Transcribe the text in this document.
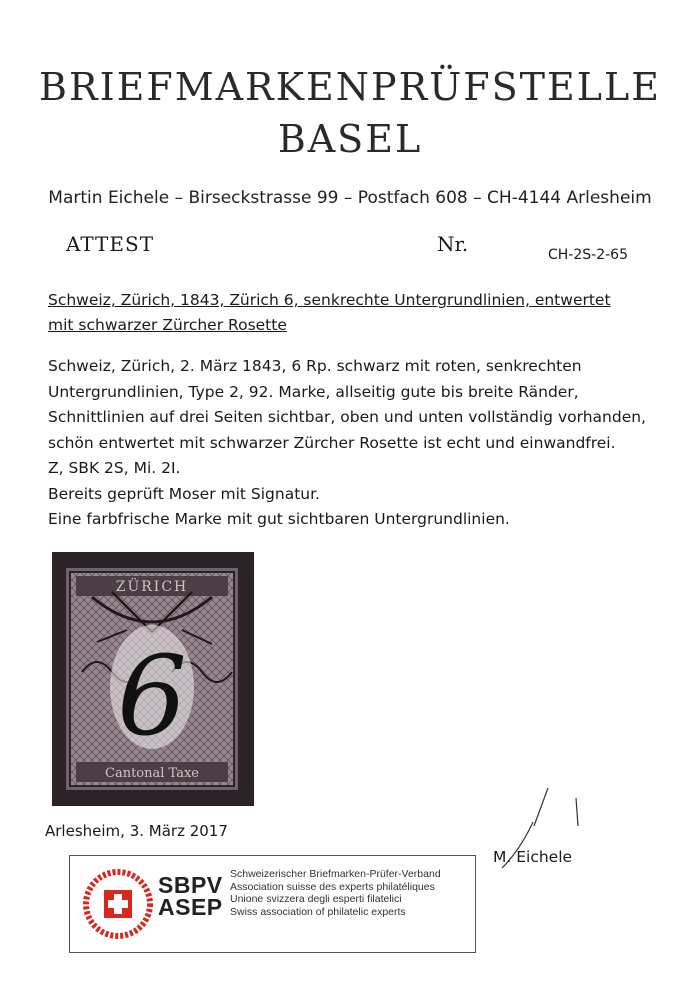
BRIEFMARKENPRÜFSTELLE
BASEL
Martin Eichele – Birseckstrasse 99 – Postfach 608 – CH-4144 Arlesheim
ATTEST	Nr.	CH-2S-2-65
Schweiz, Zürich, 1843, Zürich 6, senkrechte Untergrundlinien, entwertet mit schwarzer Zürcher Rosette
Schweiz, Zürich, 2. März 1843, 6 Rp. schwarz mit roten, senkrechten
Untergrundlinien, Type 2, 92. Marke, allseitig gute bis breite Ränder,
Schnittlinien auf drei Seiten sichtbar, oben und unten vollständig vorhanden,
schön entwertet mit schwarzer Zürcher Rosette ist echt und einwandfrei.
Z, SBK 2S, Mi. 2I.
Bereits geprüft Moser mit Signatur.
Eine farbfrische Marke mit gut sichtbaren Untergrundlinien.
ZÜRICH
6
Cantonal Taxe
Arlesheim, 3. März 2017
M. Eichele
SBPV
ASEP
Schweizerischer Briefmarken-Prüfer-Verband
Association suisse des experts philatéliques
Unione svizzera degli esperti filatelici
Swiss association of philatelic experts
